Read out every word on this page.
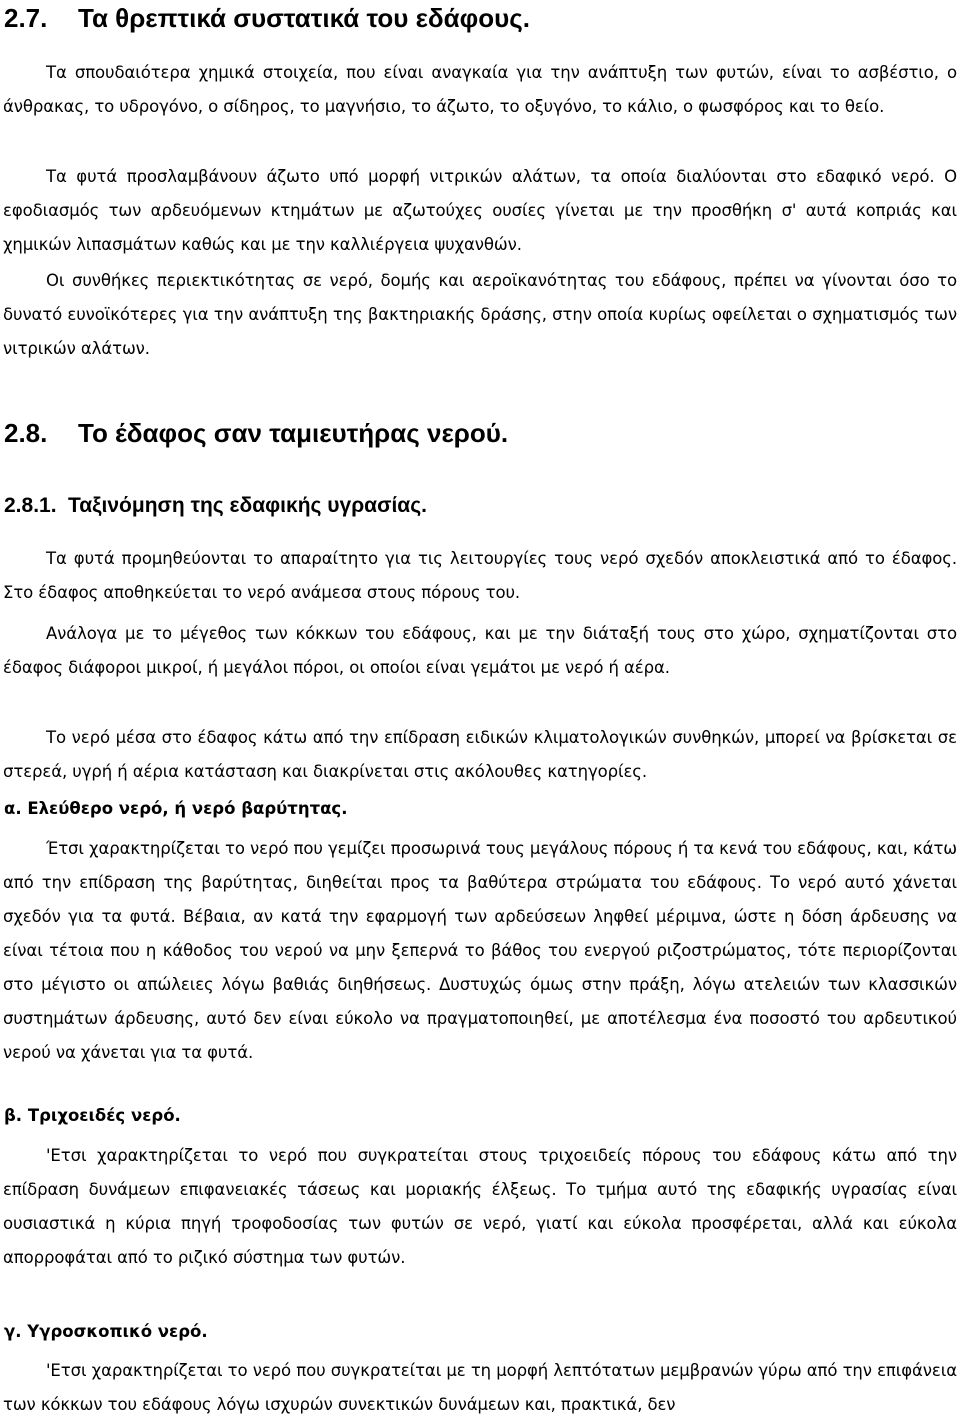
2.7. Τα θρεπτικά συστατικά του εδάφους.

Τα σπουδαιότερα χημικά στοιχεία, που είναι αναγκαία για την ανάπτυξη των φυτών, είναι το ασβέστιο, ο άνθρακας, το υδρογόνο, ο σίδηρος, το μαγνήσιο, το άζωτο, το οξυγόνο, το κάλιο, ο φωσφόρος και το θείο.

Τα φυτά προσλαμβάνουν άζωτο υπό μορφή νιτρικών αλάτων, τα οποία διαλύονται στο εδαφικό νερό. Ο εφοδιασμός των αρδευόμενων κτημάτων με αζωτούχες ουσίες γίνεται με την προσθήκη σ' αυτά κοπριάς και χημικών λιπασμάτων καθώς και με την καλλιέργεια ψυχανθών.

Οι συνθήκες περιεκτικότητας σε νερό, δομής και αεροϊκανότητας του εδάφους, πρέπει να γίνονται όσο το δυνατό ευνοϊκότερες για την ανάπτυξη της βακτηριακής δράσης, στην οποία κυρίως οφείλεται ο σχηματισμός των νιτρικών αλάτων.

2.8. Το έδαφος σαν ταμιευτήρας νερού.
2.8.1. Ταξινόμηση της εδαφικής υγρασίας.

Τα φυτά προμηθεύονται το απαραίτητο για τις λειτουργίες τους νερό σχεδόν αποκλειστικά από το έδαφος. Στο έδαφος αποθηκεύεται το νερό ανάμεσα στους πόρους του.

Ανάλογα με το μέγεθος των κόκκων του εδάφους, και με την διάταξή τους στο χώρο, σχηματίζονται στο έδαφος διάφοροι μικροί, ή μεγάλοι πόροι, οι οποίοι είναι γεμάτοι με νερό ή αέρα.

Το νερό μέσα στο έδαφος κάτω από την επίδραση ειδικών κλιματολογικών συνθηκών, μπορεί να βρίσκεται σε στερεά, υγρή ή αέρια κατάσταση και διακρίνεται στις ακόλουθες κατηγορίες.

α. Ελεύθερο νερό, ή νερό βαρύτητας.

Έτσι χαρακτηρίζεται το νερό που γεμίζει προσωρινά τους μεγάλους πόρους ή τα κενά του εδάφους, και, κάτω από την επίδραση της βαρύτητας, διηθείται προς τα βαθύτερα στρώματα του εδάφους. Το νερό αυτό χάνεται σχεδόν για τα φυτά. Βέβαια, αν κατά την εφαρμογή των αρδεύσεων ληφθεί μέριμνα, ώστε η δόση άρδευσης να είναι τέτοια που η κάθοδος του νερού να μην ξεπερνά το βάθος του ενεργού ριζοστρώματος, τότε περιορίζονται στο μέγιστο οι απώλειες λόγω βαθιάς διηθήσεως. Δυστυχώς όμως στην πράξη, λόγω ατελειών των κλασσικών συστημάτων άρδευσης, αυτό δεν είναι εύκολο να πραγματοποιηθεί, με αποτέλεσμα ένα ποσοστό του αρδευτικού νερού να χάνεται για τα φυτά.

β. Τριχοειδές νερό.

'Ετσι χαρακτηρίζεται το νερό που συγκρατείται στους τριχοειδείς πόρους του εδάφους κάτω από την επίδραση δυνάμεων επιφανειακές τάσεως και μοριακής έλξεως. Το τμήμα αυτό της εδαφικής υγρασίας είναι ουσιαστικά η κύρια πηγή τροφοδοσίας των φυτών σε νερό, γιατί και εύκολα προσφέρεται, αλλά και εύκολα απορροφάται από το ριζικό σύστημα των φυτών.

γ. Υγροσκοπικό νερό.

'Ετσι χαρακτηρίζεται το νερό που συγκρατείται με τη μορφή λεπτότατων μεμβρανών γύρω από την επιφάνεια των κόκκων του εδάφους λόγω ισχυρών συνεκτικών δυνάμεων και, πρακτικά, δεν
